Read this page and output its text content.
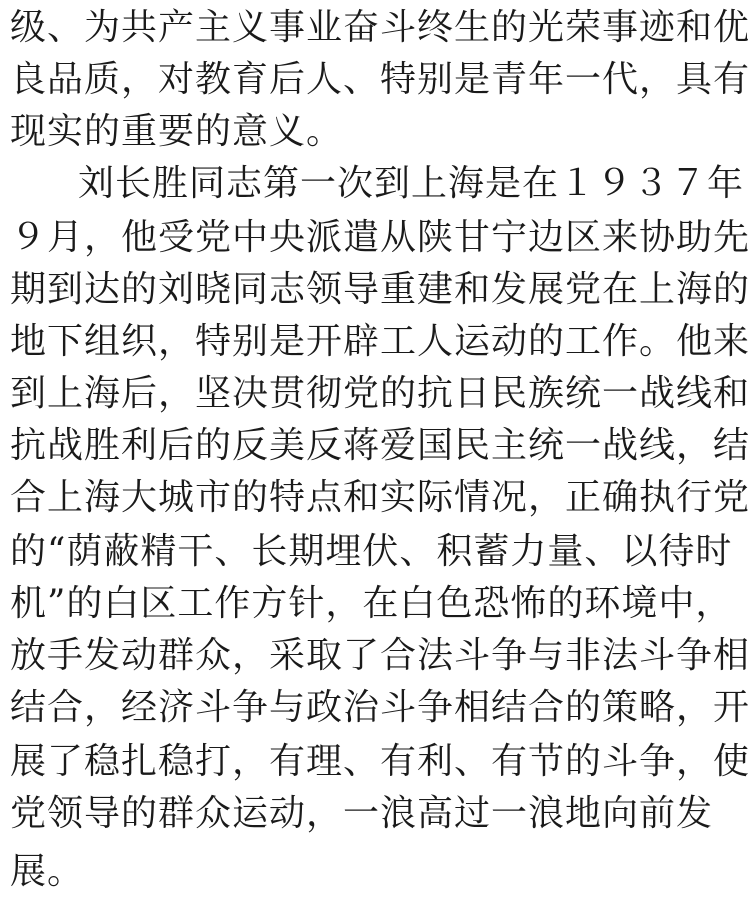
级、为共产主义事业奋斗终生的光荣事迹和优
良品质，对教育后人、特别是青年一代，具有
现实的重要的意义。
刘长胜同志第一次到上海是在１９３７年
９月，他受党中央派遣从陕甘宁边区来协助先
期到达的刘晓同志领导重建和发展党在上海的
地下组织，特别是开辟工人运动的工作。他来
到上海后，坚决贯彻党的抗日民族统一战线和
抗战胜利后的反美反蒋爱国民主统一战线，结
合上海大城市的特点和实际情况，正确执行党
的“荫蔽精干、长期埋伏、积蓄力量、以待时
机”的白区工作方针，在白色恐怖的环境中，
放手发动群众，采取了合法斗争与非法斗争相
结合，经济斗争与政治斗争相结合的策略，开
展了稳扎稳打，有理、有利、有节的斗争，使
党领导的群众运动，一浪高过一浪地向前发
展。
